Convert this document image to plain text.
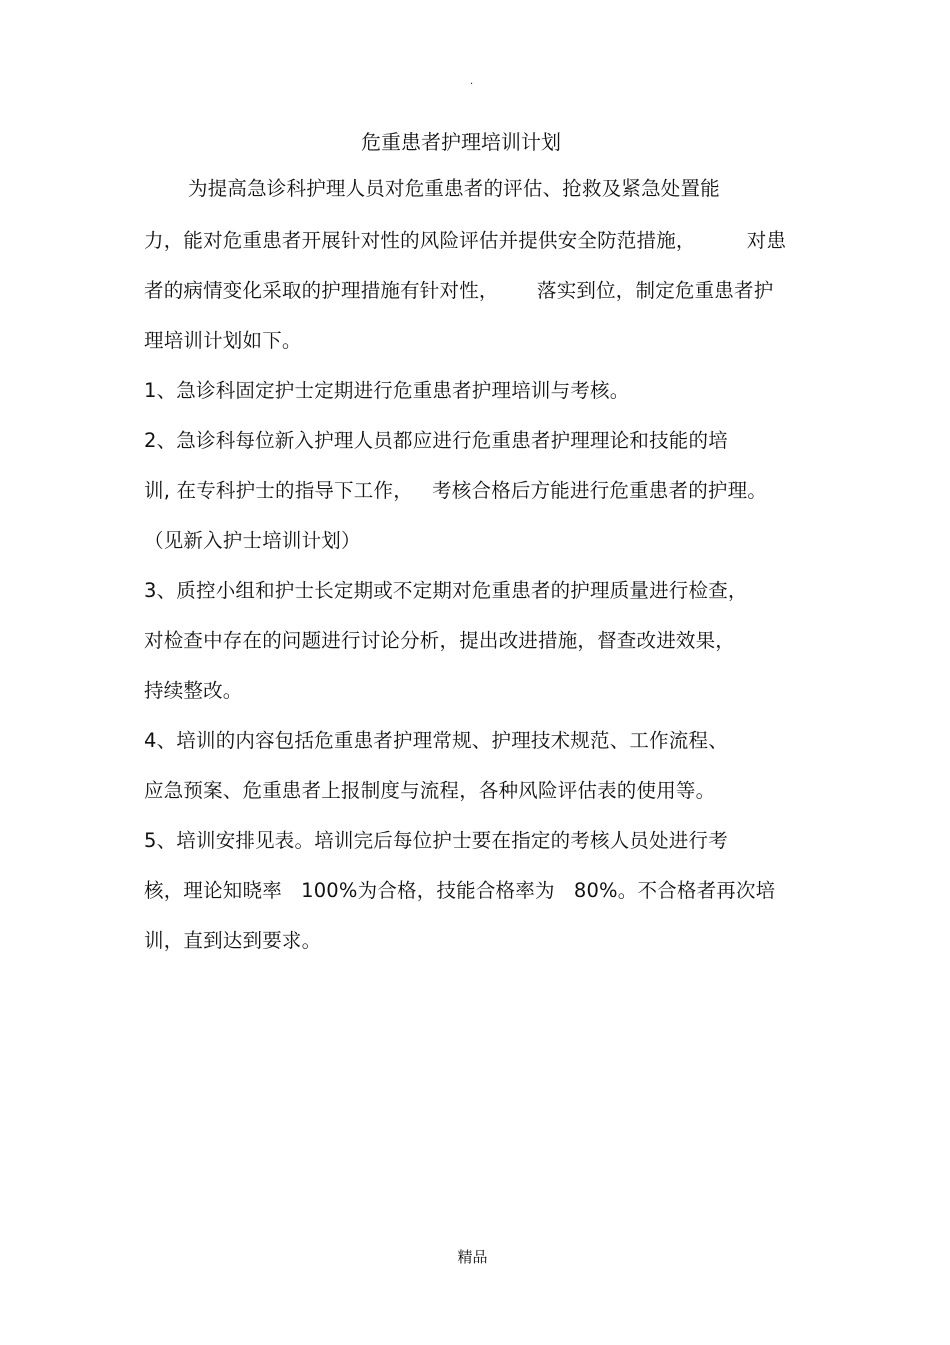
.
危重患者护理培训计划
为提高急诊科护理人员对危重患者的评估、抢救及紧急处置能
力，能对危重患者开展针对性的风险评估并提供安全防范措施，        对患
者的病情变化采取的护理措施有针对性，      落实到位，制定危重患者护
理培训计划如下。
1、急诊科固定护士定期进行危重患者护理培训与考核。
2、急诊科每位新入护理人员都应进行危重患者护理理论和技能的培
训, 在专科护士的指导下工作，   考核合格后方能进行危重患者的护理。
（见新入护士培训计划）
3、质控小组和护士长定期或不定期对危重患者的护理质量进行检查，
对检查中存在的问题进行讨论分析，提出改进措施，督查改进效果，
持续整改。
4、培训的内容包括危重患者护理常规、护理技术规范、工作流程、
应急预案、危重患者上报制度与流程，各种风险评估表的使用等。
5、培训安排见表。培训完后每位护士要在指定的考核人员处进行考
核，理论知晓率   100%为合格，技能合格率为   80%。不合格者再次培
训，直到达到要求。
精品
